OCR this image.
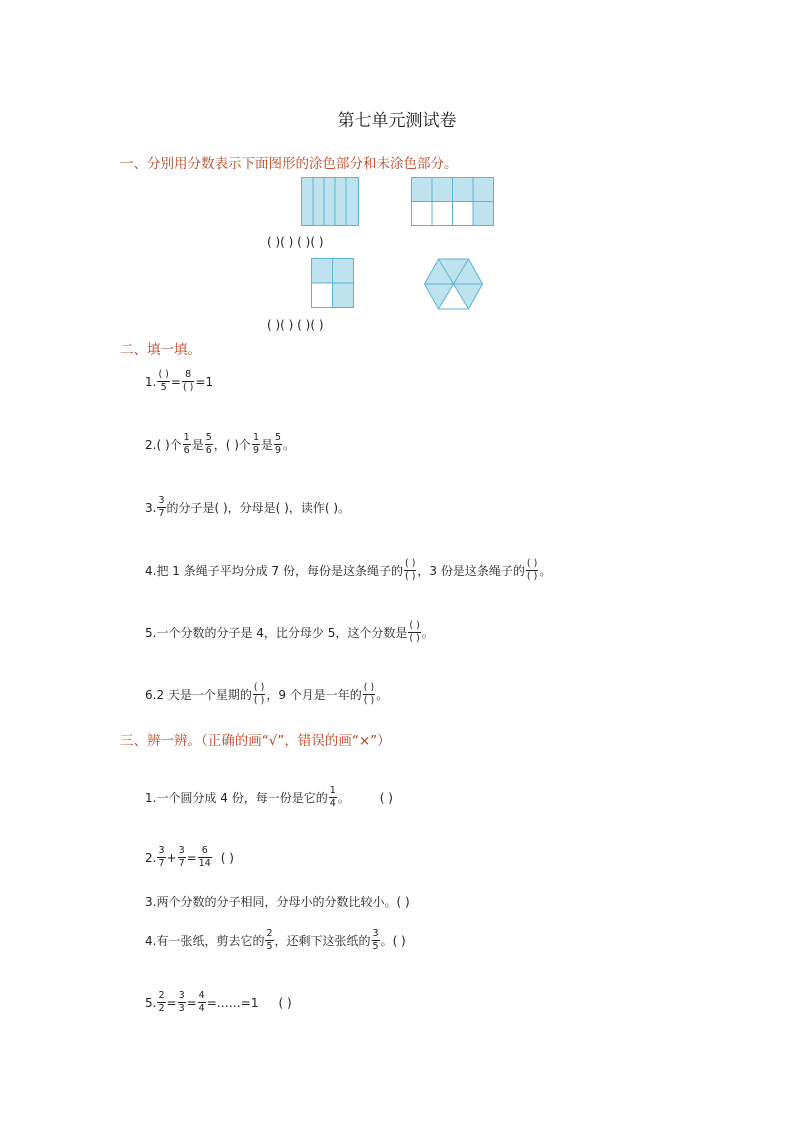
第七单元测试卷
一、分别用分数表示下面图形的涂色部分和未涂色部分。
( )( ) ( )( )
( )( ) ( )( )
二、填一填。
1. ( )
5 = 8
( ) =1
2.( )个
1
6 是
5
6 ，( )个
1
9 是
5
9 。
3. 3
7 的分子是( )，分母是( )，读作( )。
4.把 1 条绳子平均分成 7 份，每份是这条绳子的
( )
( ) ，3 份是这条绳子的
( )
( ) 。
5.一个分数的分子是 4，比分母少 5，这个分数是
( )
( ) 。
6.2 天是一个星期的
( )
( ) ，9 个月是一年的
( )
( ) 。
三、辨一辨。（正确的画“√”，错误的画“×”）
1.一个圆分成 4 份，每一份是它的
1
4 。	( )
2. 3
7 + 3
7 = 6
14 ( )
3.两个分数的分子相同，分母小的分数比较小。( )
4.有一张纸，剪去它的
2
5 ，还剩下这张纸的
3
5 。( )
5. 2
2 = 3
3 = 4
4 =……=1 ( )
